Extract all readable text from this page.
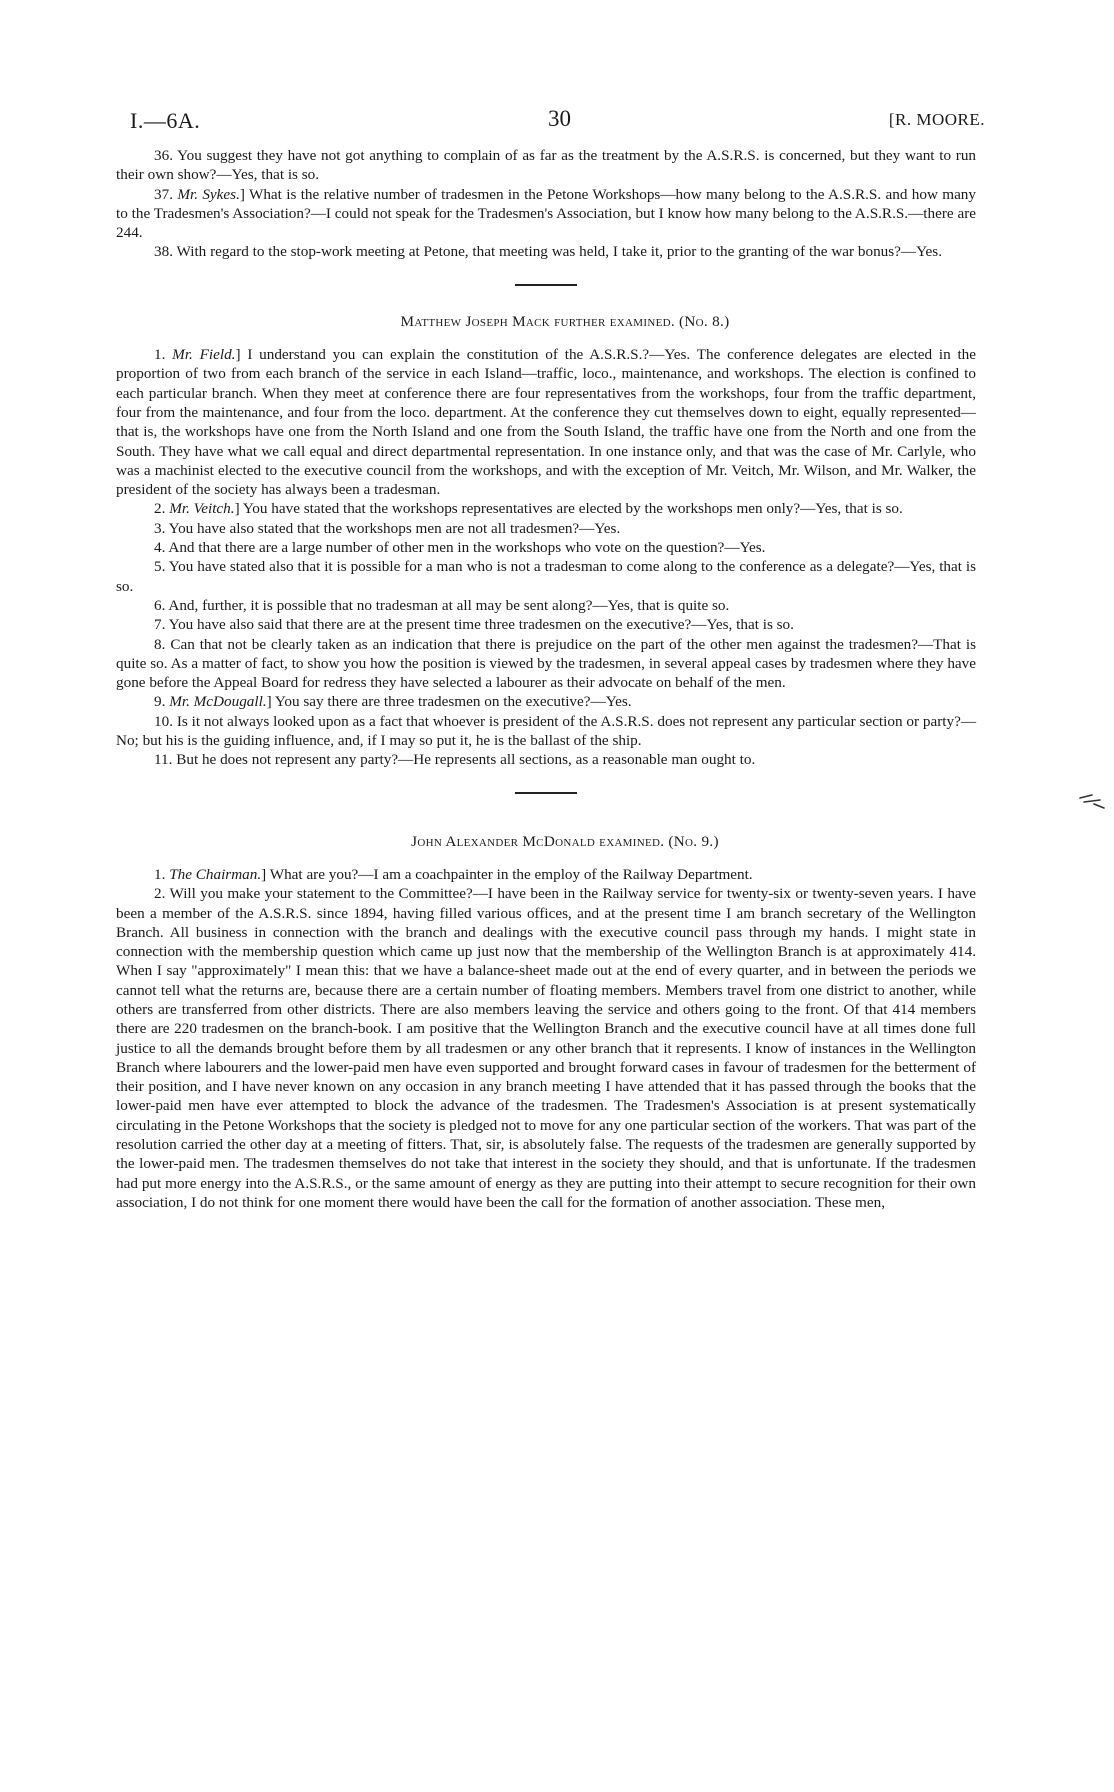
I.—6A.	30	[R. MOORE.

36. You suggest they have not got anything to complain of as far as the treatment by the A.S.R.S. is concerned, but they want to run their own show?—Yes, that is so.

37. Mr. Sykes.] What is the relative number of tradesmen in the Petone Workshops—how many belong to the A.S.R.S. and how many to the Tradesmen's Association?—I could not speak for the Tradesmen's Association, but I know how many belong to the A.S.R.S.—there are 244.

38. With regard to the stop-work meeting at Petone, that meeting was held, I take it, prior to the granting of the war bonus?—Yes.

Matthew Joseph Mack further examined. (No. 8.)

1. Mr. Field.] I understand you can explain the constitution of the A.S.R.S.?—Yes. The conference delegates are elected in the proportion of two from each branch of the service in each Island—traffic, loco., maintenance, and workshops. The election is confined to each particular branch. When they meet at conference there are four representatives from the workshops, four from the traffic department, four from the maintenance, and four from the loco. department. At the conference they cut themselves down to eight, equally represented—that is, the workshops have one from the North Island and one from the South Island, the traffic have one from the North and one from the South. They have what we call equal and direct departmental representation. In one instance only, and that was the case of Mr. Carlyle, who was a machinist elected to the executive council from the workshops, and with the exception of Mr. Veitch, Mr. Wilson, and Mr. Walker, the president of the society has always been a tradesman.

2. Mr. Veitch.] You have stated that the workshops representatives are elected by the workshops men only?—Yes, that is so.

3. You have also stated that the workshops men are not all tradesmen?—Yes.

4. And that there are a large number of other men in the workshops who vote on the question?—Yes.

5. You have stated also that it is possible for a man who is not a tradesman to come along to the conference as a delegate?—Yes, that is so.

6. And, further, it is possible that no tradesman at all may be sent along?—Yes, that is quite so.

7. You have also said that there are at the present time three tradesmen on the executive?—Yes, that is so.

8. Can that not be clearly taken as an indication that there is prejudice on the part of the other men against the tradesmen?—That is quite so. As a matter of fact, to show you how the position is viewed by the tradesmen, in several appeal cases by tradesmen where they have gone before the Appeal Board for redress they have selected a labourer as their advocate on behalf of the men.

9. Mr. McDougall.] You say there are three tradesmen on the executive?—Yes.

10. Is it not always looked upon as a fact that whoever is president of the A.S.R.S. does not represent any particular section or party?—No; but his is the guiding influence, and, if I may so put it, he is the ballast of the ship.

11. But he does not represent any party?—He represents all sections, as a reasonable man ought to.

John Alexander McDonald examined. (No. 9.)

1. The Chairman.] What are you?—I am a coachpainter in the employ of the Railway Department.

2. Will you make your statement to the Committee?—I have been in the Railway service for twenty-six or twenty-seven years. I have been a member of the A.S.R.S. since 1894, having filled various offices, and at the present time I am branch secretary of the Wellington Branch. All business in connection with the branch and dealings with the executive council pass through my hands. I might state in connection with the membership question which came up just now that the membership of the Wellington Branch is at approximately 414. When I say "approximately" I mean this: that we have a balance-sheet made out at the end of every quarter, and in between the periods we cannot tell what the returns are, because there are a certain number of floating members. Members travel from one district to another, while others are transferred from other districts. There are also members leaving the service and others going to the front. Of that 414 members there are 220 tradesmen on the branch-book. I am positive that the Wellington Branch and the executive council have at all times done full justice to all the demands brought before them by all tradesmen or any other branch that it represents. I know of instances in the Wellington Branch where labourers and the lower-paid men have even supported and brought forward cases in favour of tradesmen for the betterment of their position, and I have never known on any occasion in any branch meeting I have attended that it has passed through the books that the lower-paid men have ever attempted to block the advance of the tradesmen. The Tradesmen's Association is at present systematically circulating in the Petone Workshops that the society is pledged not to move for any one particular section of the workers. That was part of the resolution carried the other day at a meeting of fitters. That, sir, is absolutely false. The requests of the tradesmen are generally supported by the lower-paid men. The tradesmen themselves do not take that interest in the society they should, and that is unfortunate. If the tradesmen had put more energy into the A.S.R.S., or the same amount of energy as they are putting into their attempt to secure recognition for their own association, I do not think for one moment there would have been the call for the formation of another association. These men,
